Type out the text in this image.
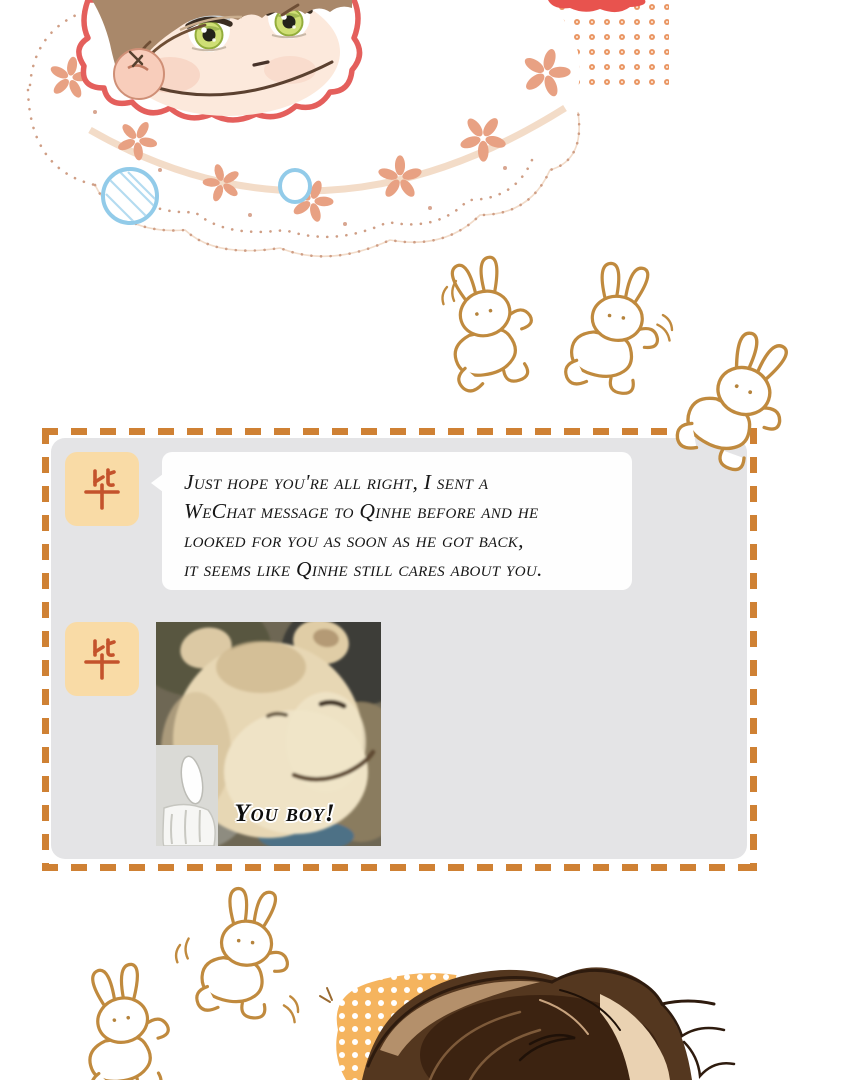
Just hope you're all right, I sent a
WeChat message to Qinhe before and he
looked for you as soon as he got back,
it seems like Qinhe still cares about you.
You boy!
